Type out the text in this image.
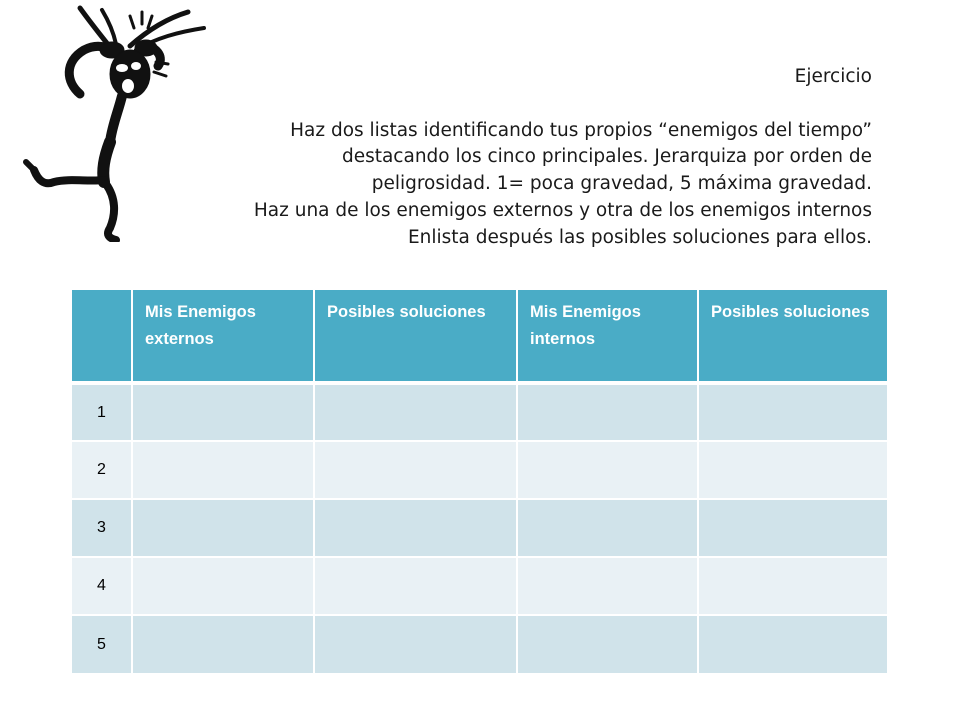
Ejercicio
Haz dos listas identificando tus propios “enemigos del tiempo”
destacando los cinco principales. Jerarquiza por orden de
peligrosidad. 1= poca gravedad, 5 máxima gravedad.
Haz una de los enemigos externos y otra de los enemigos internos
Enlista después las posibles soluciones para ellos.
	Mis Enemigos externos	Posibles soluciones	Mis Enemigos internos	Posibles soluciones
1				
2				
3				
4				
5				
